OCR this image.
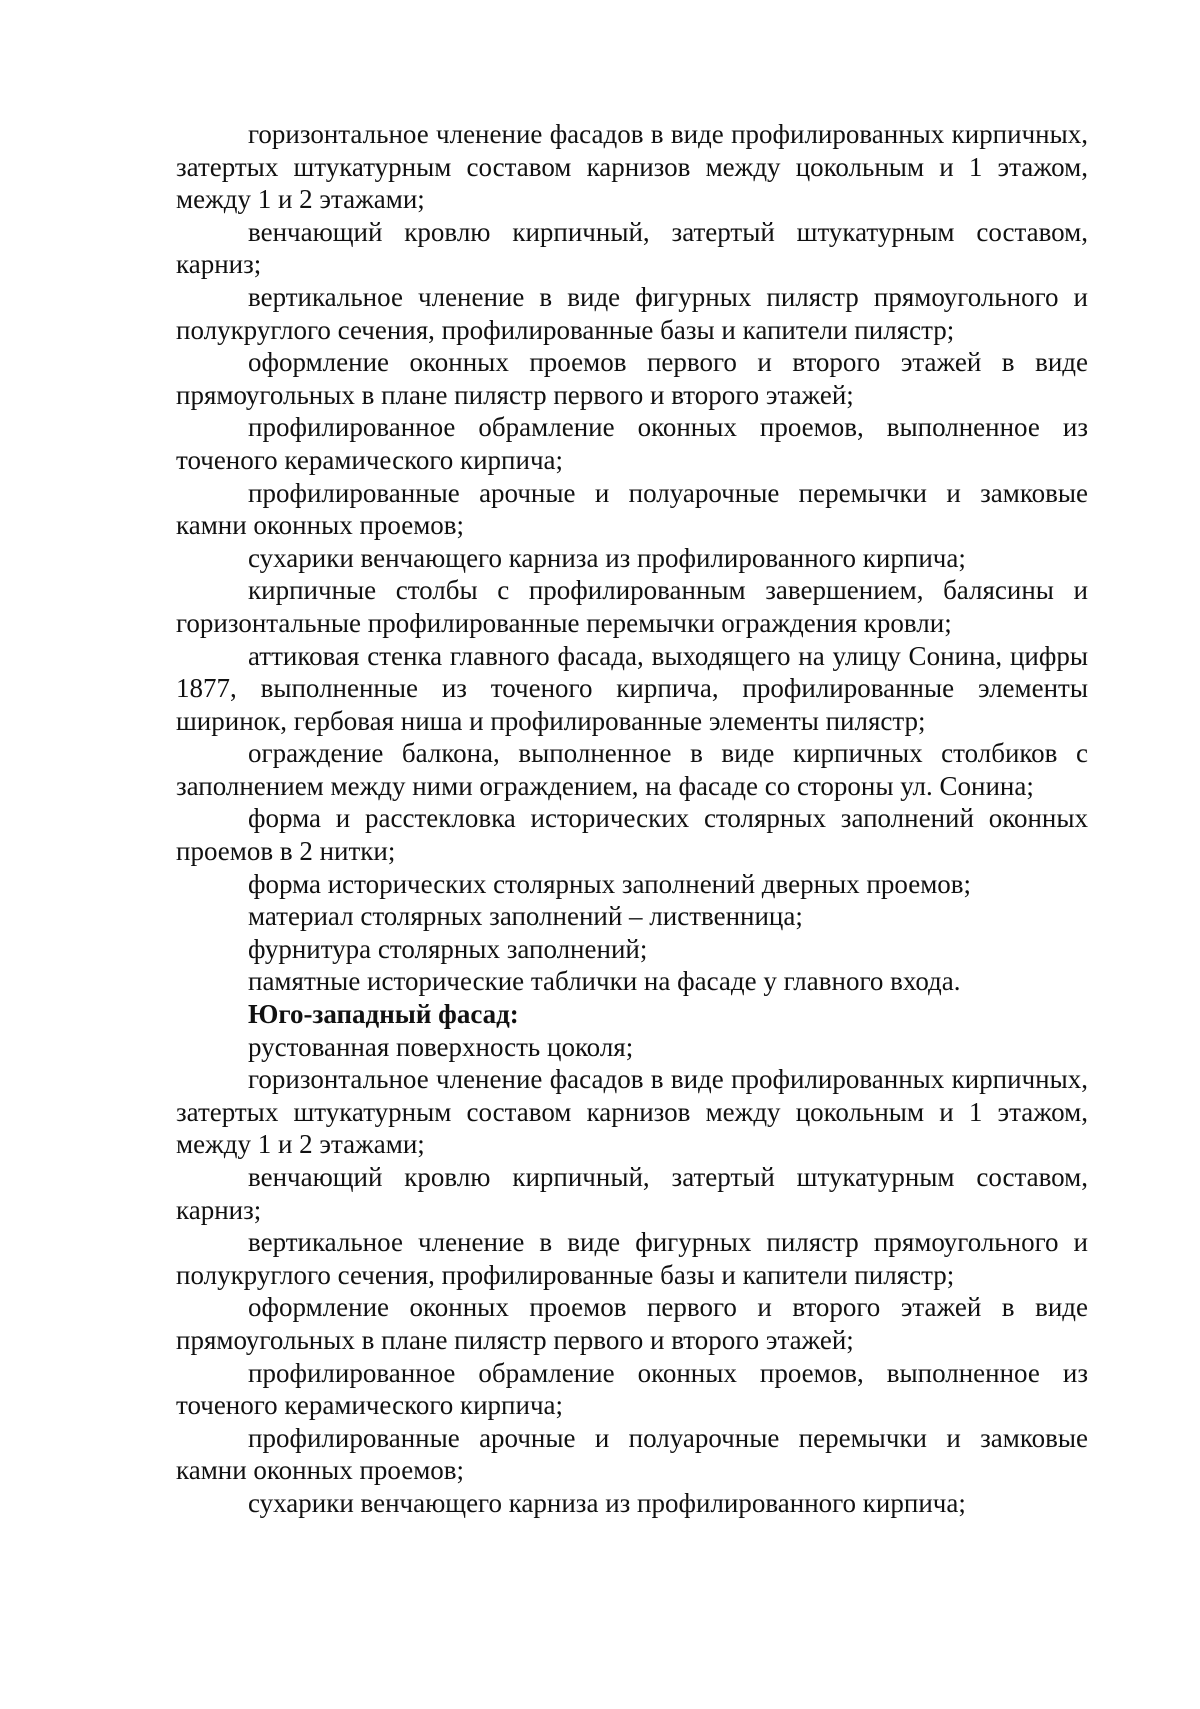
горизонтальное членение фасадов в виде профилированных кирпичных, затертых штукатурным составом карнизов между цокольным и 1 этажом, между 1 и 2 этажами;

венчающий кровлю кирпичный, затертый штукатурным составом, карниз;

вертикальное членение в виде фигурных пилястр прямоугольного и полукруглого сечения, профилированные базы и капители пилястр;

оформление оконных проемов первого и второго этажей в виде прямоугольных в плане пилястр первого и второго этажей;

профилированное обрамление оконных проемов, выполненное из точеного керамического кирпича;

профилированные арочные и полуарочные перемычки и замковые камни оконных проемов;

сухарики венчающего карниза из профилированного кирпича;

кирпичные столбы с профилированным завершением, балясины и горизонтальные профилированные перемычки ограждения кровли;

аттиковая стенка главного фасада, выходящего на улицу Сонина, цифры 1877, выполненные из точеного кирпича, профилированные элементы ширинок, гербовая ниша и профилированные элементы пилястр;

ограждение балкона, выполненное в виде кирпичных столбиков с заполнением между ними ограждением, на фасаде со стороны ул. Сонина;

форма и расстекловка исторических столярных заполнений оконных проемов в 2 нитки;

форма исторических столярных заполнений дверных проемов;

материал столярных заполнений – лиственница;

фурнитура столярных заполнений;

памятные исторические таблички на фасаде у главного входа.

Юго-западный фасад:

рустованная поверхность цоколя;

горизонтальное членение фасадов в виде профилированных кирпичных, затертых штукатурным составом карнизов между цокольным и 1 этажом, между 1 и 2 этажами;

венчающий кровлю кирпичный, затертый штукатурным составом, карниз;

вертикальное членение в виде фигурных пилястр прямоугольного и полукруглого сечения, профилированные базы и капители пилястр;

оформление оконных проемов первого и второго этажей в виде прямоугольных в плане пилястр первого и второго этажей;

профилированное обрамление оконных проемов, выполненное из точеного керамического кирпича;

профилированные арочные и полуарочные перемычки и замковые камни оконных проемов;

сухарики венчающего карниза из профилированного кирпича;
